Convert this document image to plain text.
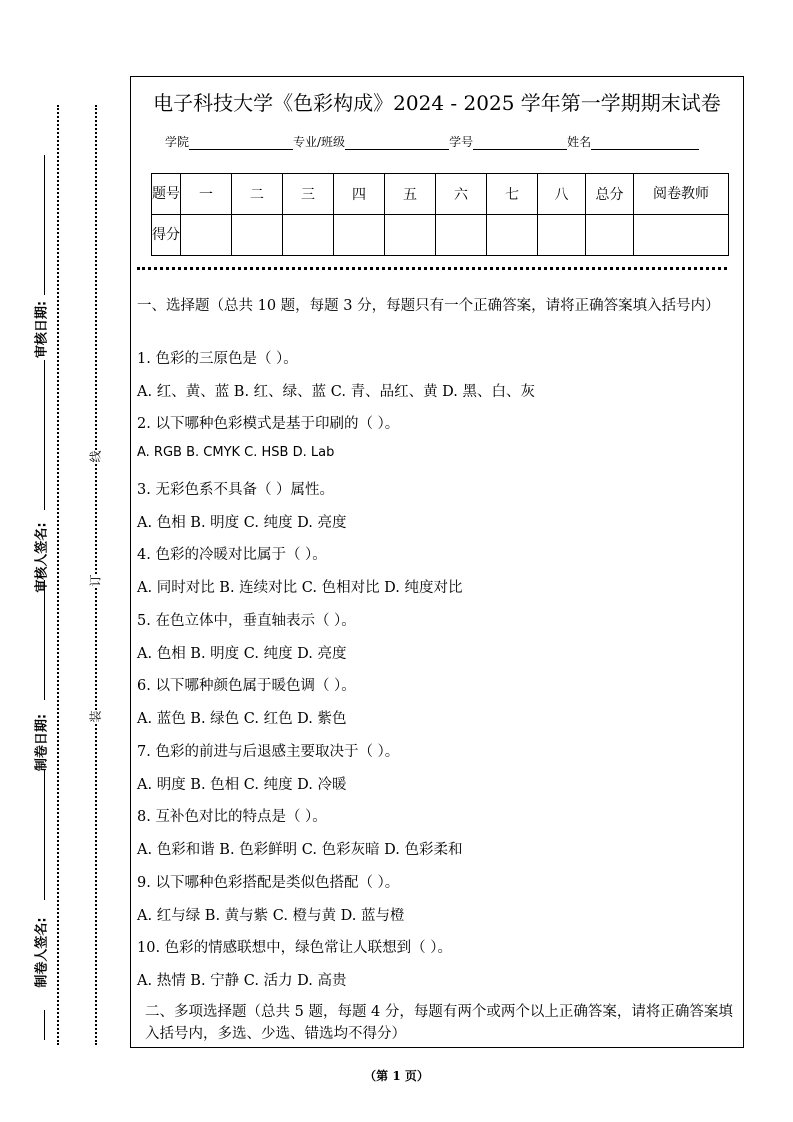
审核日期:
审核人签名:
制卷日期:
制卷人签名:
线
订
装
电子科技大学《色彩构成》2024 - 2025 学年第一学期期末试卷
学院	专业/班级	学号	姓名
题号	一	二	三	四	五	六	七	八	总分	阅卷教师
得分										
一、选择题（总共 10 题，每题 3 分，每题只有一个正确答案，请将正确答案填入括号内）
1. 色彩的三原色是（ ）。
A. 红、黄、蓝 B. 红、绿、蓝 C. 青、品红、黄 D. 黑、白、灰
2. 以下哪种色彩模式是基于印刷的（ ）。
A. RGB B. CMYK C. HSB D. Lab
3. 无彩色系不具备（ ）属性。
A. 色相 B. 明度 C. 纯度 D. 亮度
4. 色彩的冷暖对比属于（ ）。
A. 同时对比 B. 连续对比 C. 色相对比 D. 纯度对比
5. 在色立体中，垂直轴表示（ ）。
A. 色相 B. 明度 C. 纯度 D. 亮度
6. 以下哪种颜色属于暖色调（ ）。
A. 蓝色 B. 绿色 C. 红色 D. 紫色
7. 色彩的前进与后退感主要取决于（ ）。
A. 明度 B. 色相 C. 纯度 D. 冷暖
8. 互补色对比的特点是（ ）。
A. 色彩和谐 B. 色彩鲜明 C. 色彩灰暗 D. 色彩柔和
9. 以下哪种色彩搭配是类似色搭配（ ）。
A. 红与绿 B. 黄与紫 C. 橙与黄 D. 蓝与橙
10. 色彩的情感联想中，绿色常让人联想到（ ）。
A. 热情 B. 宁静 C. 活力 D. 高贵
二、多项选择题（总共 5 题，每题 4 分，每题有两个或两个以上正确答案，请将正确答案填入括号内，多选、少选、错选均不得分）
（第 1 页）
